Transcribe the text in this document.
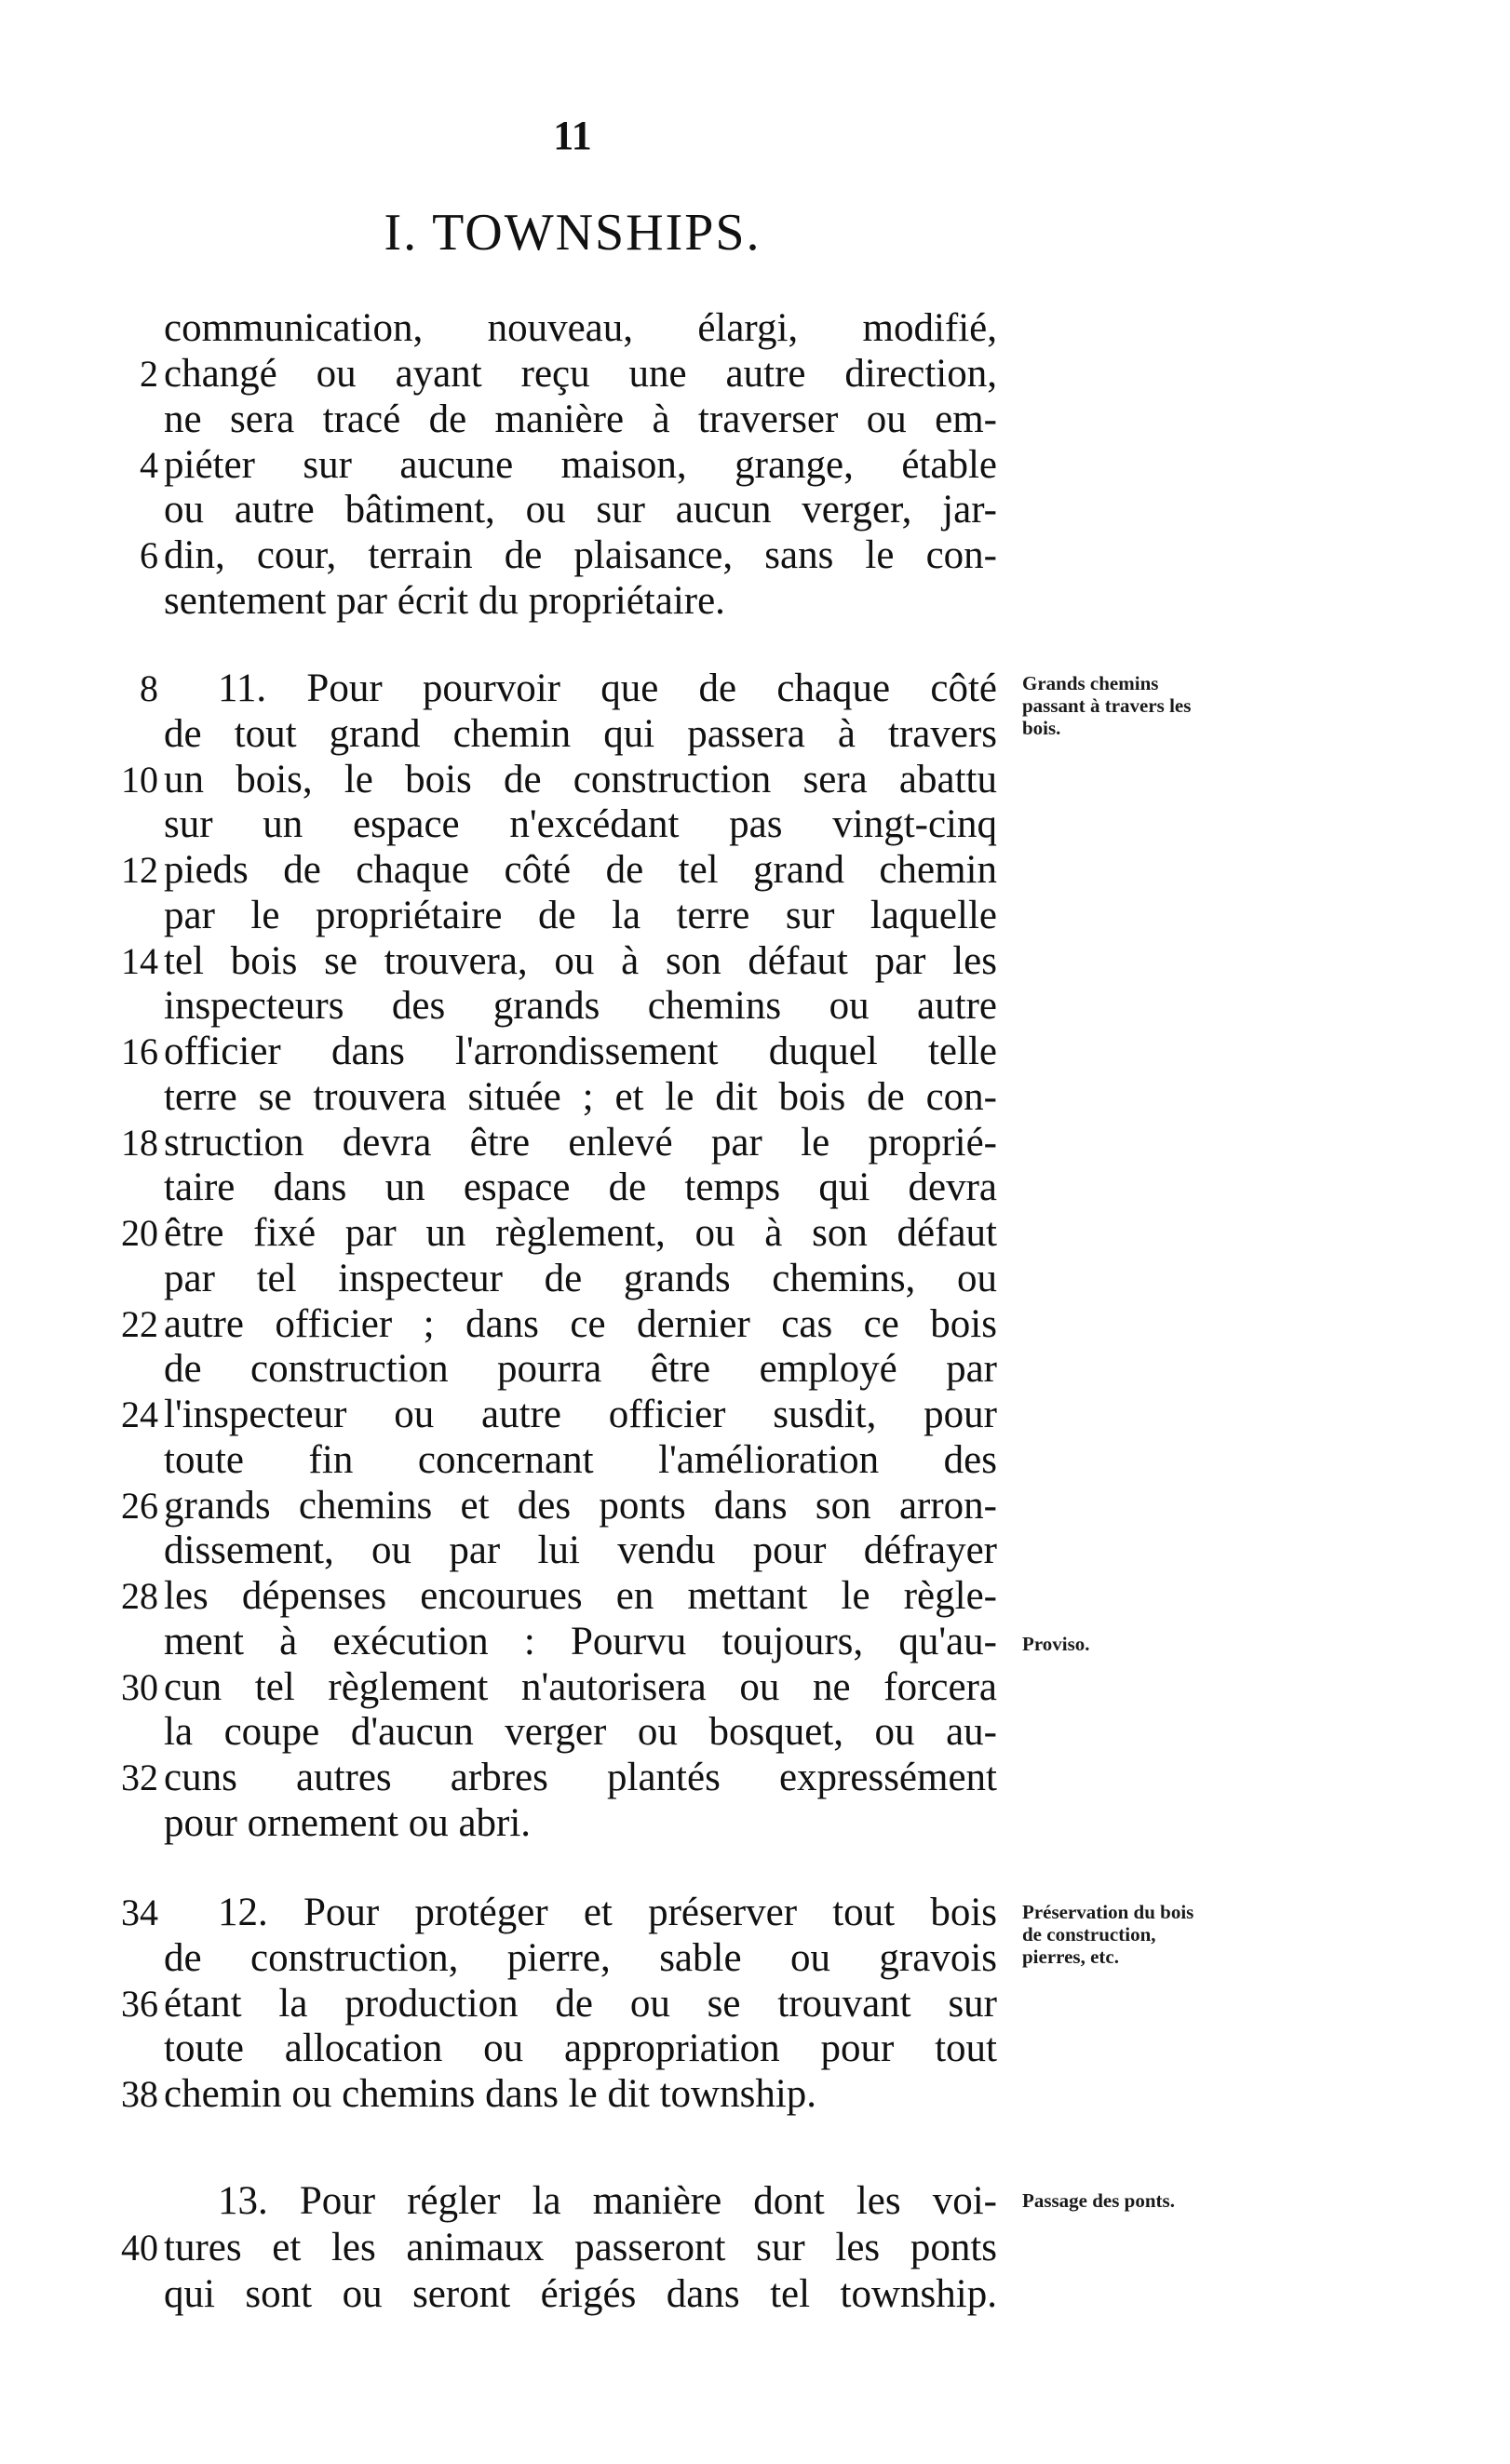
11
I. TOWNSHIPS.
2
4
6
8
10
12
14
16
18
20
22
24
26
28
30
32
34
36
38
40
communication, nouveau, élargi, modifié,
changé ou ayant reçu une autre direction,
ne sera tracé de manière à traverser ou em-
piéter sur aucune maison, grange, étable
ou autre bâtiment, ou sur aucun verger, jar-
din, cour, terrain de plaisance, sans le con-
sentement par écrit du propriétaire.
11. Pour pourvoir que de chaque côté
de tout grand chemin qui passera à travers
un bois, le bois de construction sera abattu
sur un espace n'excédant pas vingt-cinq
pieds de chaque côté de tel grand chemin
par le propriétaire de la terre sur laquelle
tel bois se trouvera, ou à son défaut par les
inspecteurs des grands chemins ou autre
officier dans l'arrondissement duquel telle
terre se trouvera située ; et le dit bois de con-
struction devra être enlevé par le proprié-
taire dans un espace de temps qui devra
être fixé par un règlement, ou à son défaut
par tel inspecteur de grands chemins, ou
autre officier ; dans ce dernier cas ce bois
de construction pourra être employé par
l'inspecteur ou autre officier susdit, pour
toute fin concernant l'amélioration des
grands chemins et des ponts dans son arron-
dissement, ou par lui vendu pour défrayer
les dépenses encourues en mettant le règle-
ment à exécution : Pourvu toujours, qu'au-
cun tel règlement n'autorisera ou ne forcera
la coupe d'aucun verger ou bosquet, ou au-
cuns autres arbres plantés expressément
pour ornement ou abri.
12. Pour protéger et préserver tout bois
de construction, pierre, sable ou gravois
étant la production de ou se trouvant sur
toute allocation ou appropriation pour tout
chemin ou chemins dans le dit township.
13. Pour régler la manière dont les voi-
tures et les animaux passeront sur les ponts
qui sont ou seront érigés dans tel township.
Grands chemins passant à travers les bois.
Proviso.
Préservation du bois de construction, pierres, etc.
Passage des ponts.
